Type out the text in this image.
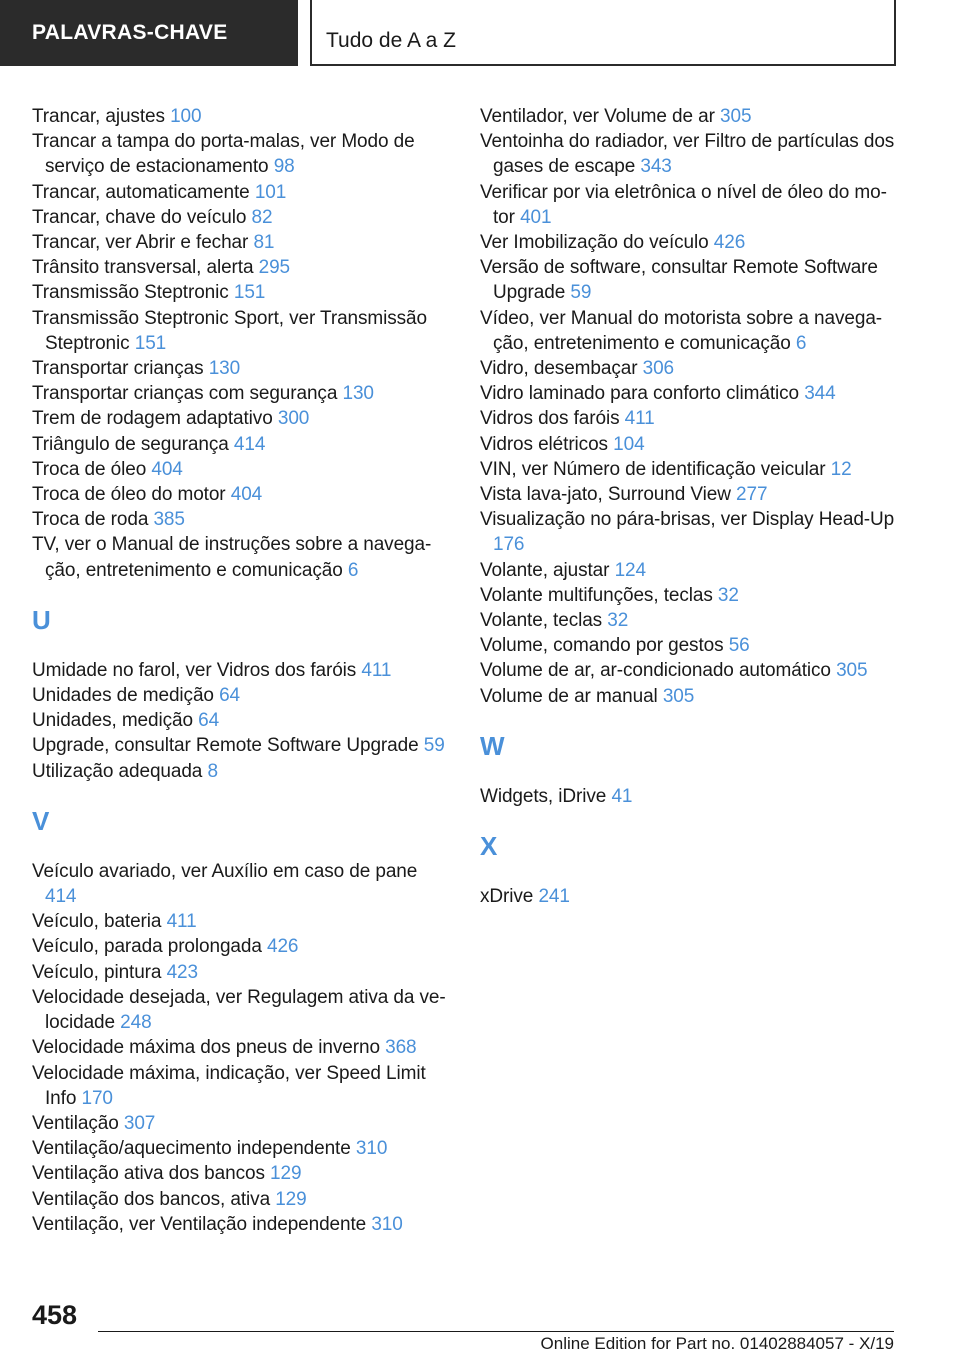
PALAVRAS-CHAVE	Tudo de A a Z
Trancar, ajustes 100
Trancar a tampa do porta-malas, ver Modo de serviço de estacionamento 98
Trancar, automaticamente 101
Trancar, chave do veículo 82
Trancar, ver Abrir e fechar 81
Trânsito transversal, alerta 295
Transmissão Steptronic 151
Transmissão Steptronic Sport, ver Transmissão Steptronic 151
Transportar crianças 130
Transportar crianças com segurança 130
Trem de rodagem adaptativo 300
Triângulo de segurança 414
Troca de óleo 404
Troca de óleo do motor 404
Troca de roda 385
TV, ver o Manual de instruções sobre a navegação, entretenimento e comunicação 6
U
Umidade no farol, ver Vidros dos faróis 411
Unidades de medição 64
Unidades, medição 64
Upgrade, consultar Remote Software Upgrade 59
Utilização adequada 8
V
Veículo avariado, ver Auxílio em caso de pane 414
Veículo, bateria 411
Veículo, parada prolongada 426
Veículo, pintura 423
Velocidade desejada, ver Regulagem ativa da velocidade 248
Velocidade máxima dos pneus de inverno 368
Velocidade máxima, indicação, ver Speed Limit Info 170
Ventilação 307
Ventilação/aquecimento independente 310
Ventilação ativa dos bancos 129
Ventilação dos bancos, ativa 129
Ventilação, ver Ventilação independente 310
Ventilador, ver Volume de ar 305
Ventoinha do radiador, ver Filtro de partículas dos gases de escape 343
Verificar por via eletrônica o nível de óleo do motor 401
Ver Imobilização do veículo 426
Versão de software, consultar Remote Software Upgrade 59
Vídeo, ver Manual do motorista sobre a navegação, entretenimento e comunicação 6
Vidro, desembaçar 306
Vidro laminado para conforto climático 344
Vidros dos faróis 411
Vidros elétricos 104
VIN, ver Número de identificação veicular 12
Vista lava-jato, Surround View 277
Visualização no pára-brisas, ver Display Head-Up 176
Volante, ajustar 124
Volante multifunções, teclas 32
Volante, teclas 32
Volume, comando por gestos 56
Volume de ar, ar-condicionado automático 305
Volume de ar manual 305
W
Widgets, iDrive 41
X
xDrive 241
458
Online Edition for Part no. 01402884057 - X/19
